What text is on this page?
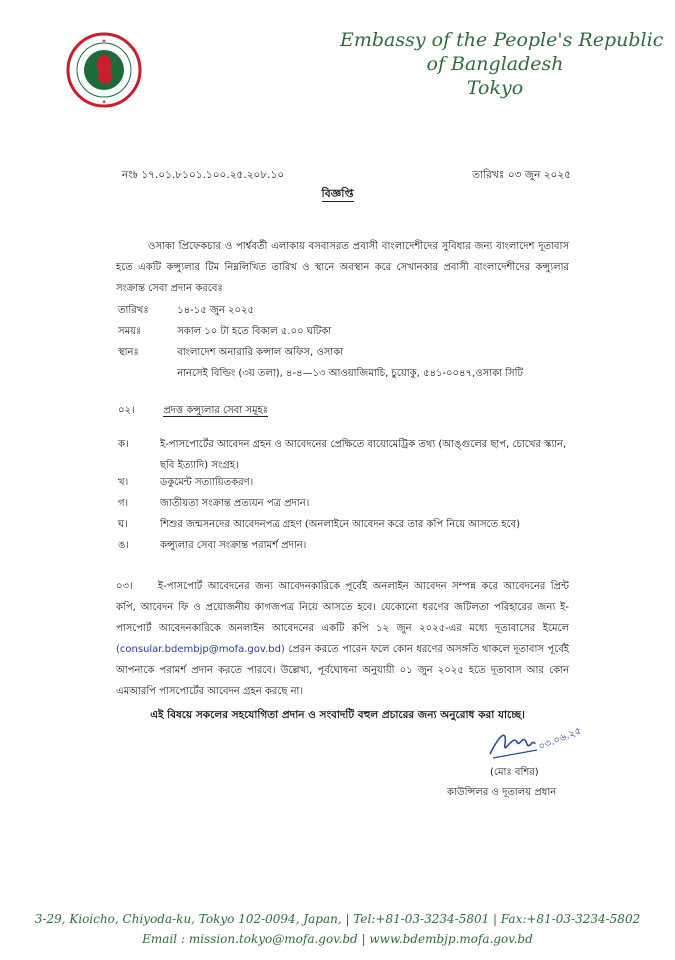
✦
✦
Embassy of the People's Republic
of Bangladesh
Tokyo
নং৳ ১৭.০১.৮১০১.১০০.২৫.২০৮.১০	তারিখঃ ০৩ জুন ২০২৫
বিজ্ঞপ্তি
ওসাকা প্রিফেকচার ও পার্শ্ববর্তী এলাকায় বসবাসরত প্রবাসী বাংলাদেশীদের সুবিধার জন্য বাংলাদেশ দূতাবাস হতে একটি কন্স্যুলার টিম নিম্নলিখিত তারিখ ও স্থানে অবস্থান করে সেখানকার প্রবাসী বাংলাদেশীদের কন্স্যুলার সংক্রান্ত সেবা প্রদান করবেঃ
তারিখঃ	১৪-১৫ জুন ২০২৫
সময়ঃ	সকাল ১০ টা হতে বিকাল ৫.০০ ঘটিকা
স্থানঃ	বাংলাদেশ অনারারি কন্সাল অফিস, ওসাকা
নানসেই বিল্ডিং (৩য় তলা), ৪-৪—১৩ আওয়াজিমাচি, চুয়োকু, ৫৪১-০০৪৭,ওসাকা সিটি
০২।	প্রদত্ত কন্স্যুলার সেবা সমূহঃ
ক।	ই-পাসপোর্টের আবেদন গ্রহন ও আবেদনের প্রেক্ষিতে বায়োমেট্রিক তথ্য (আঙ্গুলের ছাপ, চোখের স্ক্যান, ছবি ইত্যাদি) সংগ্রহ।
খ।	ডকুমেন্ট সত্যায়িতকরণ।
গ।	জাতীয়তা সংক্রান্ত প্রত্যয়ন পত্র প্রদান।
ঘ।	শিশুর জন্মসনদের আবেদনপত্র গ্রহণ (অনলাইনে আবেদন করে তার কপি নিয়ে আসতে হবে)
ঙ।	কন্স্যুলার সেবা সংক্রান্ত পরামর্শ প্রদান।
০৩।	ই-পাসপোর্ট আবেদনের জন্য আবেদনকারিকে পূর্বেই অনলাইন আবেদন সম্পন্ন করে আবেদনের প্রিন্ট কপি, আবেদন ফি ও প্রয়োজনীয় কাগজপত্র নিয়ে আসতে হবে। যেকোনো ধরণের জটিলতা পরিহারের জন্য ই-পাসপোর্ট আবেদনকারিকে অনলাইন আবেদনের একটি কপি ১২ জুন ২০২৫-এর মধ্যে দূতাবাসের ইমেলে (consular.bdembjp@mofa.gov.bd) প্রেরন করতে পারেন ফলে কোন ধরণের অসঙ্গতি থাকলে দূতাবাস পূর্বেই আপনাকে পরামর্শ প্রদান করতে পারবে। উল্লেখ্য, পূর্বঘোষনা অনুযায়ী ০১ জুন ২০২৫ হতে দূতাবাস আর কোন এমআরপি পাসপোর্টের আবেদন গ্রহন করছে না।
এই বিষয়ে সকলের সহযোগিতা প্রদান ও সংবাদটি বহুল প্রচারের জন্য অনুরোধ করা যাচ্ছে।
০৩.০৬.২৫
(মোঃ বশির)
কাউন্সিলর ও দূতালয় প্রধান
3-29, Kioicho, Chiyoda-ku, Tokyo 102-0094, Japan, | Tel:+81-03-3234-5801 | Fax:+81-03-3234-5802
Email : mission.tokyo@mofa.gov.bd | www.bdembjp.mofa.gov.bd
